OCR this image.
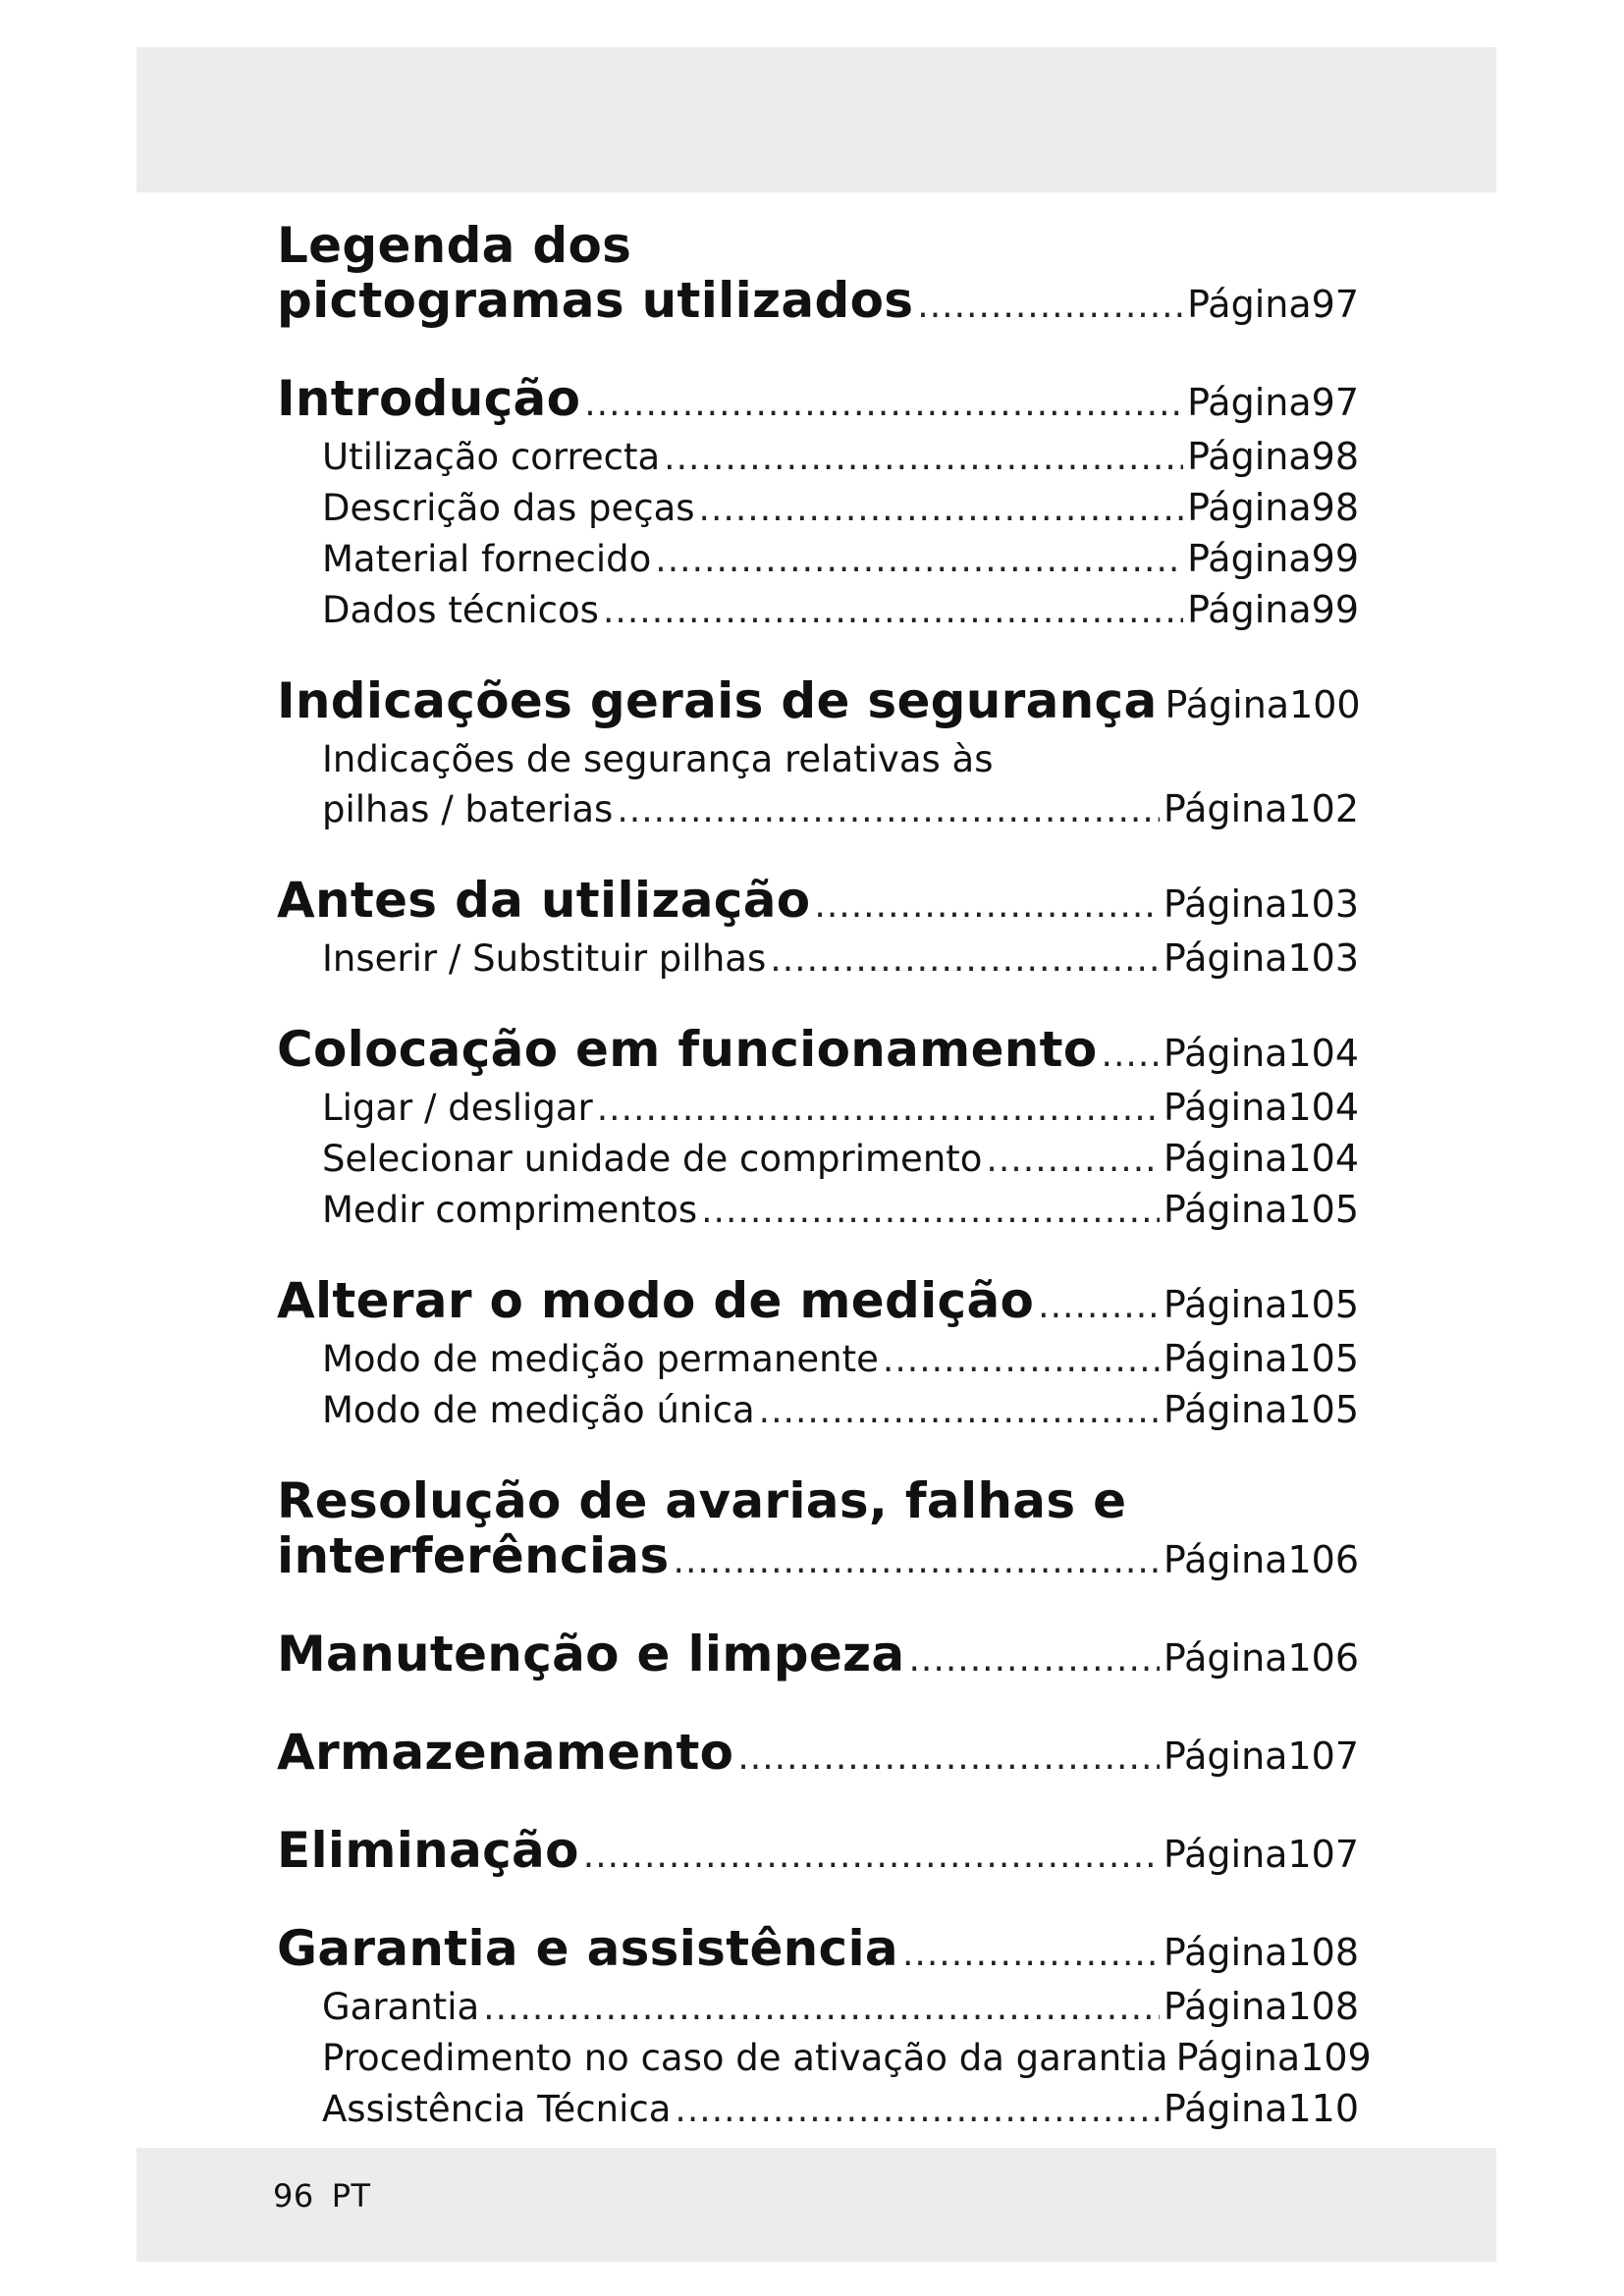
Legenda dos
pictogramas utilizados .....	Página 97
Introdução .....	Página 97
Utilização correcta .....	Página 98
Descrição das peças .....	Página 98
Material fornecido .....	Página 99
Dados técnicos .....	Página 99
Indicações gerais de segurança Página 100
Indicações de segurança relativas às
pilhas / baterias .....	Página 102
Antes da utilização .....	Página 103
Inserir / Substituir pilhas .....	Página 103
Colocação em funcionamento ..... Página 104
Ligar / desligar .....	Página 104
Selecionar unidade de comprimento .....	Página 104
Medir comprimentos .....	Página 105
Alterar o modo de medição .....	Página 105
Modo de medição permanente .....	Página 105
Modo de medição única .....	Página 105
Resolução de avarias, falhas e
interferências .....	Página 106
Manutenção e limpeza .....	Página 106
Armazenamento .....	Página 107
Eliminação .....	Página 107
Garantia e assistência .....	Página 108
Garantia .....	Página 108
Procedimento no caso de ativação da garantia Página 109
Assistência Técnica .....	Página 110
96 PT
